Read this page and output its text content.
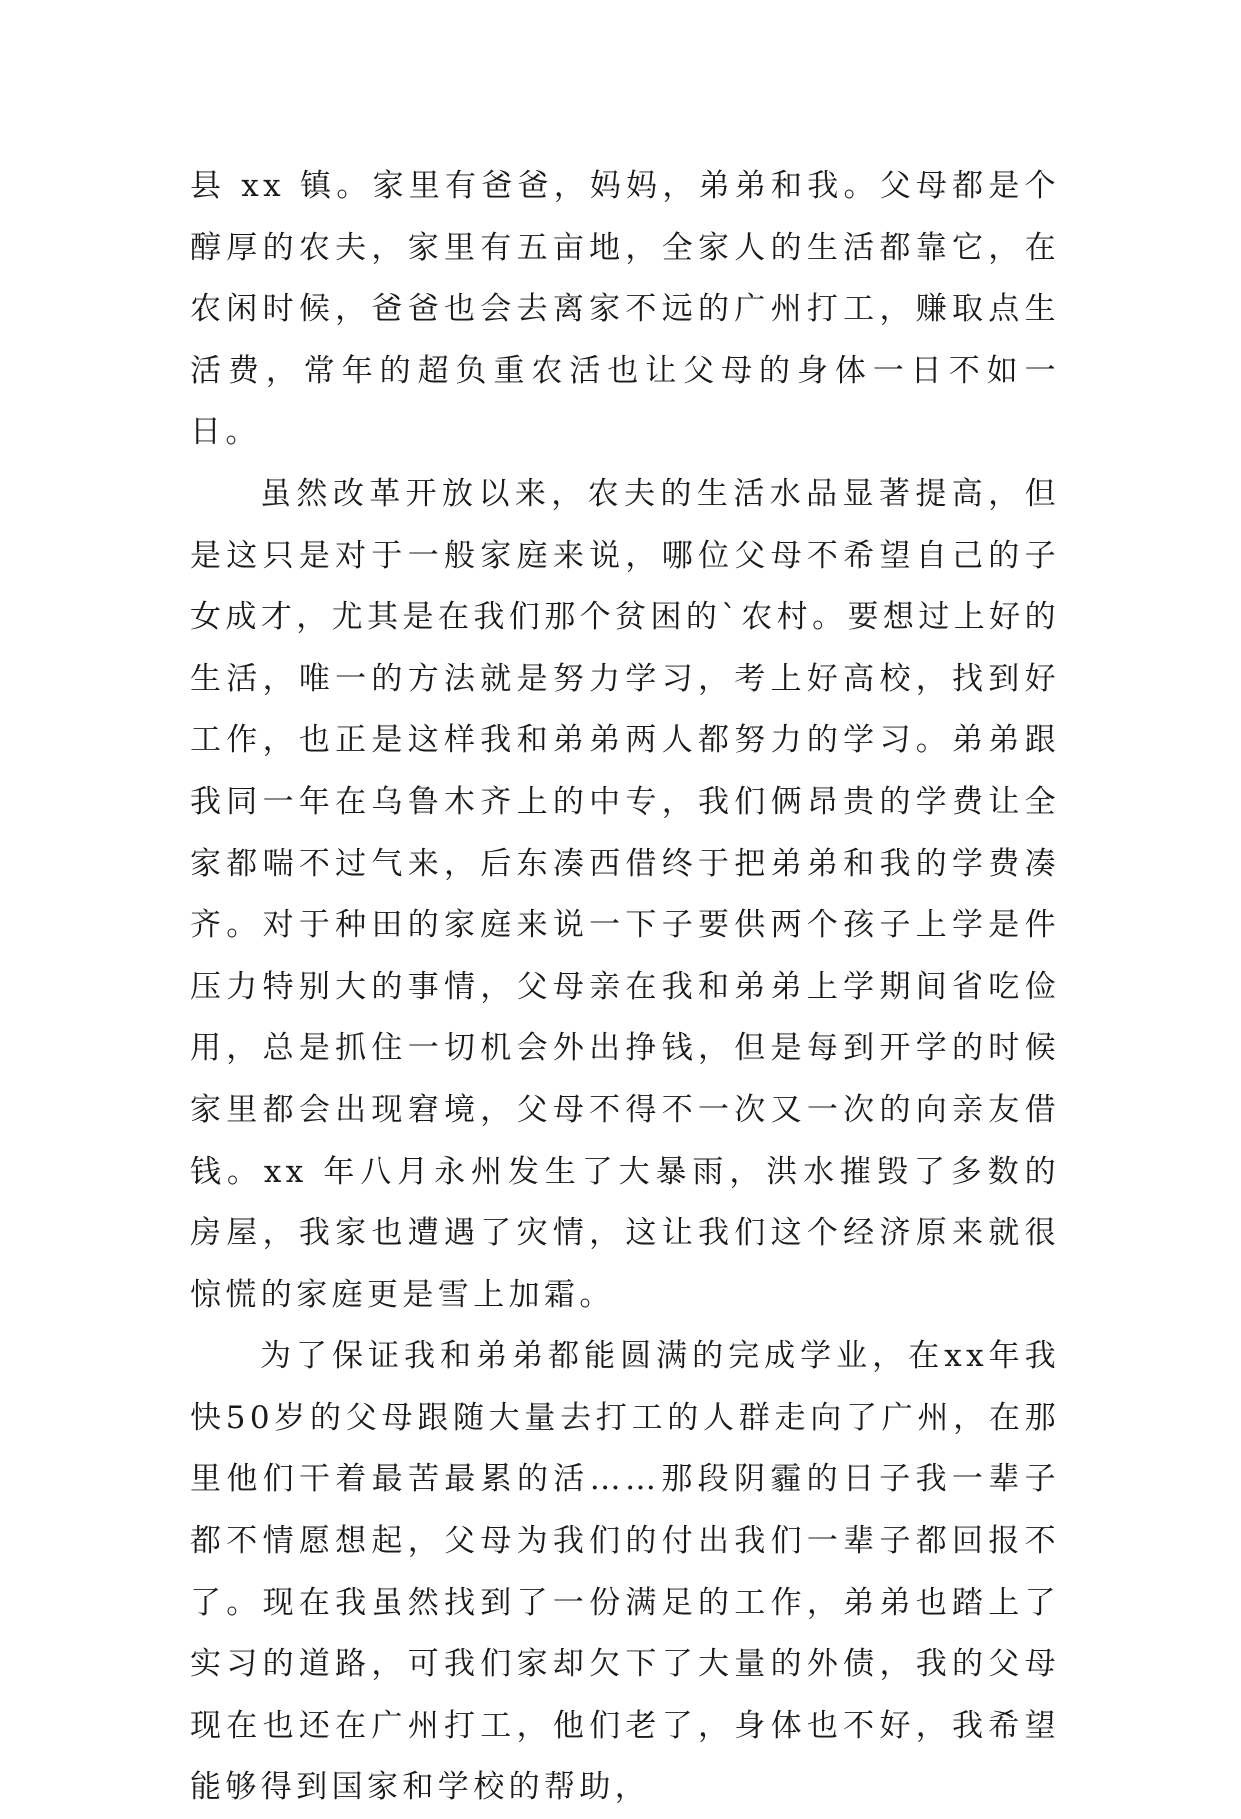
县 xx 镇。家里有爸爸，妈妈，弟弟和我。父母都是个醇厚的农夫，家里有五亩地，全家人的生活都靠它，在农闲时候，爸爸也会去离家不远的广州打工，赚取点生活费，常年的超负重农活也让父母的身体一日不如一日。

虽然改革开放以来，农夫的生活水品显著提高，但是这只是对于一般家庭来说，哪位父母不希望自己的子女成才，尤其是在我们那个贫困的`农村。要想过上好的生活，唯一的方法就是努力学习，考上好高校，找到好工作，也正是这样我和弟弟两人都努力的学习。弟弟跟我同一年在乌鲁木齐上的中专，我们俩昂贵的学费让全家都喘不过气来，后东凑西借终于把弟弟和我的学费凑齐。对于种田的家庭来说一下子要供两个孩子上学是件压力特别大的事情，父母亲在我和弟弟上学期间省吃俭用，总是抓住一切机会外出挣钱，但是每到开学的时候家里都会出现窘境，父母不得不一次又一次的向亲友借钱。xx 年八月永州发生了大暴雨，洪水摧毁了多数的房屋，我家也遭遇了灾情，这让我们这个经济原来就很惊慌的家庭更是雪上加霜。

为了保证我和弟弟都能圆满的完成学业，在xx年我快50岁的父母跟随大量去打工的人群走向了广州，在那里他们干着最苦最累的活……那段阴霾的日子我一辈子都不情愿想起，父母为我们的付出我们一辈子都回报不了。现在我虽然找到了一份满足的工作，弟弟也踏上了实习的道路，可我们家却欠下了大量的外债，我的父母现在也还在广州打工，他们老了，身体也不好，我希望能够得到国家和学校的帮助，
